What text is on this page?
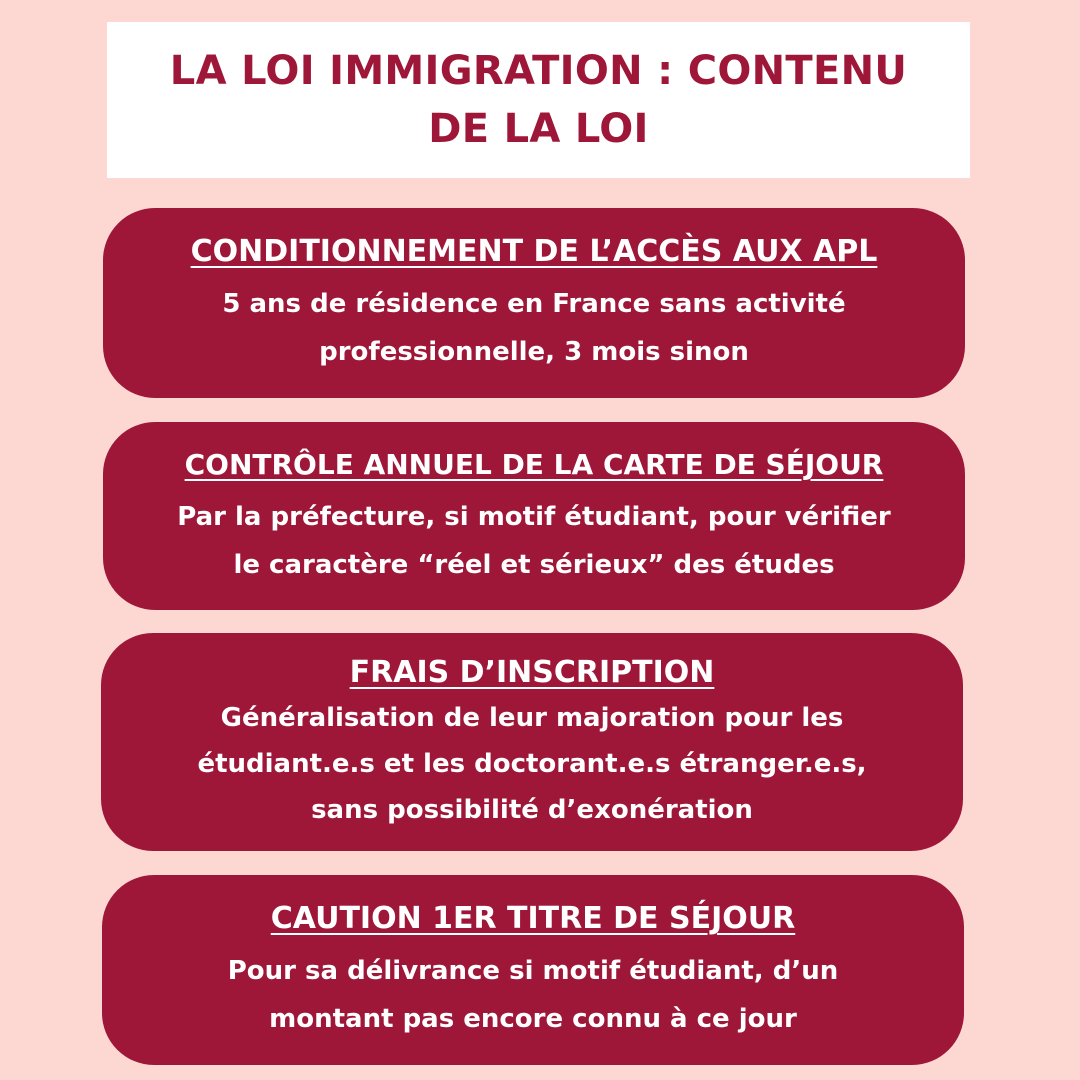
LA LOI IMMIGRATION : CONTENU
DE LA LOI
CONDITIONNEMENT DE L’ACCÈS AUX APL
5 ans de résidence en France sans activité
professionnelle, 3 mois sinon
CONTRÔLE ANNUEL DE LA CARTE DE SÉJOUR
Par la préfecture, si motif étudiant, pour vérifier
le caractère “réel et sérieux” des études
FRAIS D’INSCRIPTION
Généralisation de leur majoration pour les
étudiant.e.s et les doctorant.e.s étranger.e.s,
sans possibilité d’exonération
CAUTION 1ER TITRE DE SÉJOUR
Pour sa délivrance si motif étudiant, d’un
montant pas encore connu à ce jour
